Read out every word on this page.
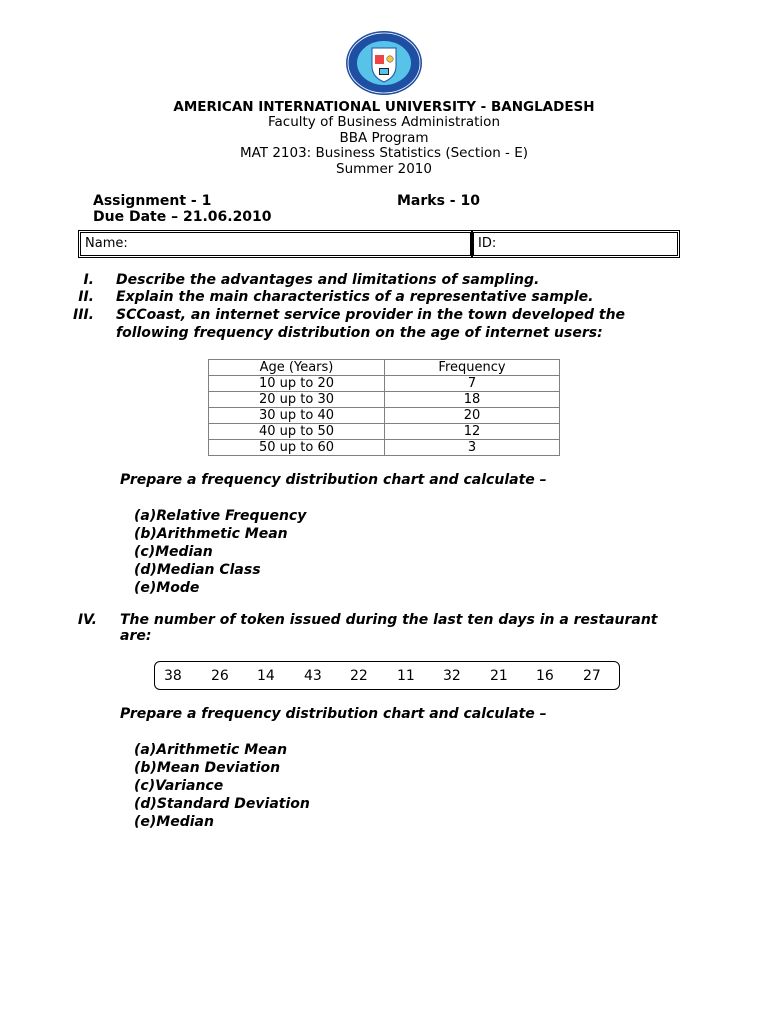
AMERICAN INTERNATIONAL UNIVERSITY - BANGLADESH
Faculty of Business Administration
BBA Program
MAT 2103: Business Statistics (Section - E)
Summer 2010
Assignment - 1	Marks - 10
Due Date – 21.06.2010
Name:	ID:
I. Describe the advantages and limitations of sampling.
II. Explain the main characteristics of a representative sample.
III. SCCoast, an internet service provider in the town developed the
following frequency distribution on the age of internet users:
Age (Years)	Frequency
10 up to 20	7
20 up to 30	18
30 up to 40	20
40 up to 50	12
50 up to 60	3
Prepare a frequency distribution chart and calculate –
(a)Relative Frequency
(b)Arithmetic Mean
(c)Median
(d)Median Class
(e)Mode
IV. The number of token issued during the last ten days in a restaurant
are:
38 26 14 43 22 11 32 21 16 27
Prepare a frequency distribution chart and calculate –
(a)Arithmetic Mean
(b)Mean Deviation
(c)Variance
(d)Standard Deviation
(e)Median
